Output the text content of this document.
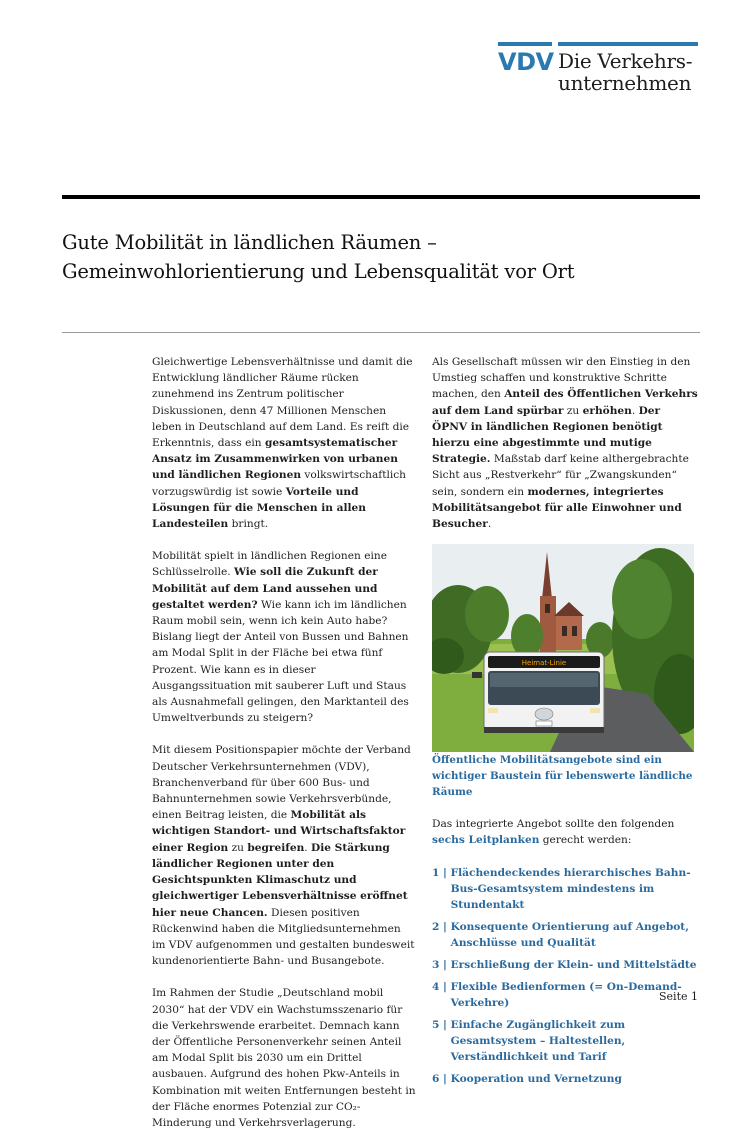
VDV Die Verkehrs-
unternehmen
Gute Mobilität in ländlichen Räumen –
Gemeinwohlorientierung und Lebensqualität vor Ort

Gleichwertige Lebensverhältnisse und damit die Entwicklung ländlicher Räume rücken zunehmend ins Zentrum politischer Diskussionen, denn 47 Millionen Menschen leben in Deutschland auf dem Land. Es reift die Erkenntnis, dass ein gesamtsystematischer Ansatz im Zusammenwirken von urbanen und ländlichen Regionen volkswirtschaftlich vorzugswürdig ist sowie Vorteile und Lösungen für die Menschen in allen Landesteilen bringt.

Mobilität spielt in ländlichen Regionen eine Schlüsselrolle. Wie soll die Zukunft der Mobilität auf dem Land aussehen und gestaltet werden? Wie kann ich im ländlichen Raum mobil sein, wenn ich kein Auto habe? Bislang liegt der Anteil von Bussen und Bahnen am Modal Split in der Fläche bei etwa fünf Prozent. Wie kann es in dieser Ausgangssituation mit sauberer Luft und Staus als Ausnahmefall gelingen, den Marktanteil des Umweltverbunds zu steigern?

Mit diesem Positionspapier möchte der Verband Deutscher Verkehrsunternehmen (VDV), Branchenverband für über 600 Bus- und Bahnunternehmen sowie Verkehrsverbünde, einen Beitrag leisten, die Mobilität als wichtigen Standort- und Wirtschaftsfaktor einer Region zu begreifen. Die Stärkung ländlicher Regionen unter den Gesichtspunkten Klimaschutz und gleichwertiger Lebensverhältnisse eröffnet hier neue Chancen. Diesen positiven Rückenwind haben die Mitgliedsunternehmen im VDV aufgenommen und gestalten bundesweit kundenorientierte Bahn- und Busangebote.

Im Rahmen der Studie „Deutschland mobil 2030“ hat der VDV ein Wachstumsszenario für die Verkehrswende erarbeitet. Demnach kann der Öffentliche Personenverkehr seinen Anteil am Modal Split bis 2030 um ein Drittel ausbauen. Aufgrund des hohen Pkw-Anteils in Kombination mit weiten Entfernungen besteht in der Fläche enormes Potenzial zur CO₂-Minderung und Verkehrsverlagerung.

Als Gesellschaft müssen wir den Einstieg in den Umstieg schaffen und konstruktive Schritte machen, den Anteil des Öffentlichen Verkehrs auf dem Land spürbar zu erhöhen. Der ÖPNV in ländlichen Regionen benötigt hierzu eine abgestimmte und mutige Strategie. Maßstab darf keine althergebrachte Sicht aus „Restverkehr“ für „Zwangskunden“ sein, sondern ein modernes, integriertes Mobilitätsangebot für alle Einwohner und Besucher.

Heimat-Linie

Öffentliche Mobilitätsangebote sind ein wichtiger Baustein für lebenswerte ländliche Räume

Das integrierte Angebot sollte den folgenden
sechs Leitplanken gerecht werden:

1 | Flächendeckendes hierarchisches Bahn-Bus-Gesamtsystem mindestens im Stundentakt
2 | Konsequente Orientierung auf Angebot, Anschlüsse und Qualität
3 | Erschließung der Klein- und Mittelstädte
4 | Flexible Bedienformen (= On-Demand-Verkehre)
5 | Einfache Zugänglichkeit zum Gesamtsystem – Haltestellen, Verständlichkeit und Tarif
6 | Kooperation und Vernetzung
Seite 1
